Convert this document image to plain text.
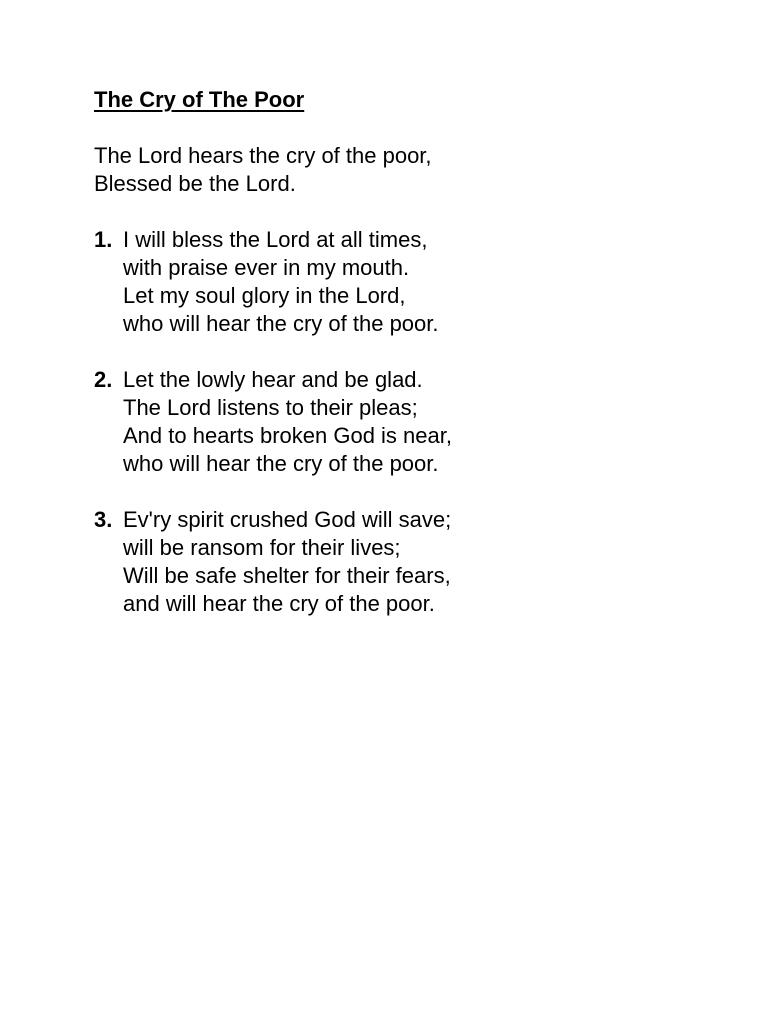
The Cry of The Poor
The Lord hears the cry of the poor,
Blessed be the Lord.
1. I will bless the Lord at all times,
with praise ever in my mouth.
Let my soul glory in the Lord,
who will hear the cry of the poor.
2. Let the lowly hear and be glad.
The Lord listens to their pleas;
And to hearts broken God is near,
who will hear the cry of the poor.
3. Ev'ry spirit crushed God will save;
will be ransom for their lives;
Will be safe shelter for their fears,
and will hear the cry of the poor.
